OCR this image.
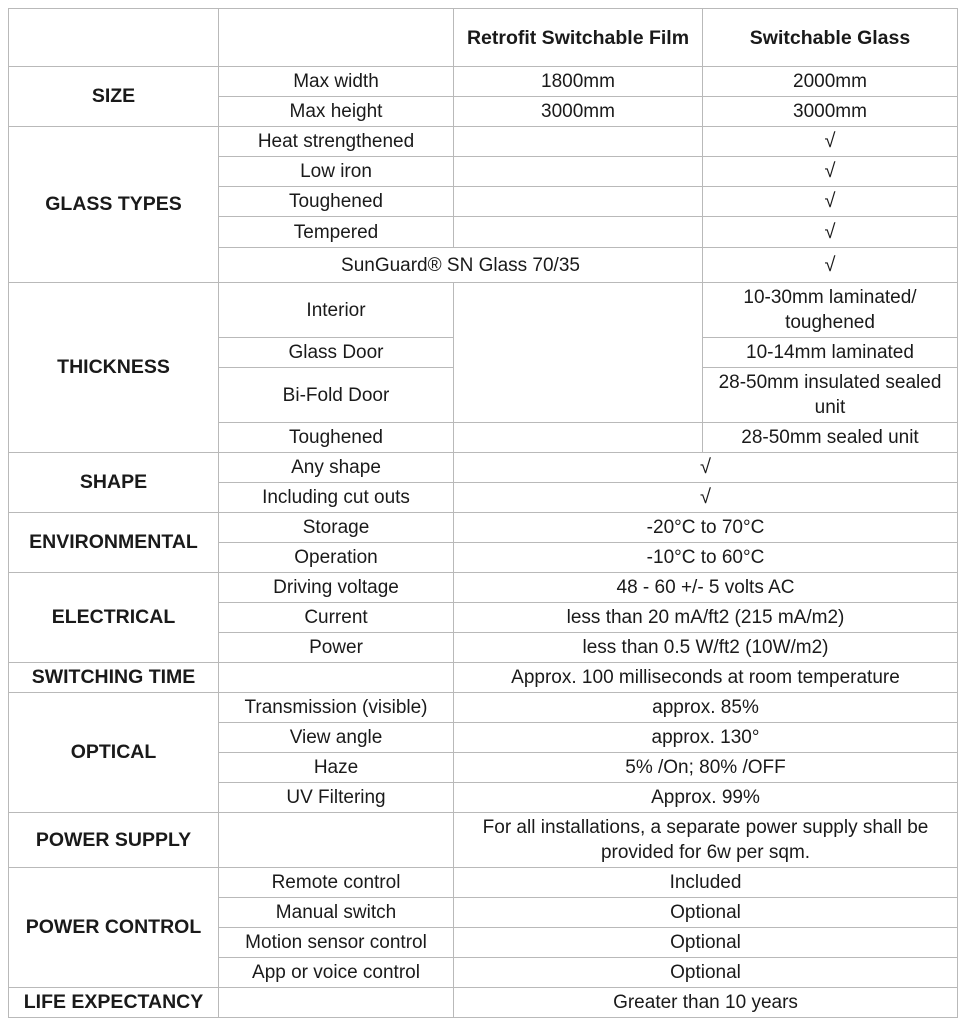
		Retrofit Switchable Film	Switchable Glass
SIZE	Max width	1800mm	2000mm
	Max height	3000mm	3000mm
GLASS TYPES	Heat strengthened		√
	Low iron		√
	Toughened		√
	Tempered		√
	SunGuard® SN Glass 70/35		√
THICKNESS	Interior		10-30mm laminated/ toughened
	Glass Door		10-14mm laminated
	Bi-Fold Door		28-50mm insulated sealed unit
	Toughened		28-50mm sealed unit
SHAPE	Any shape	√	
	Including cut outs	√	
ENVIRONMENTAL	Storage	-20°C to 70°C	
	Operation	-10°C to 60°C	
ELECTRICAL	Driving voltage	48 - 60 +/- 5 volts AC	
	Current	less than 20 mA/ft2 (215 mA/m2)	
	Power	less than 0.5 W/ft2 (10W/m2)	
SWITCHING TIME		Approx. 100 milliseconds at room temperature	
OPTICAL	Transmission (visible)	approx. 85%	
	View angle	approx. 130°	
	Haze	5% /On; 80% /OFF	
	UV Filtering	Approx. 99%	
POWER SUPPLY		For all installations, a separate power supply shall be provided for 6w per sqm.	
POWER CONTROL	Remote control	Included	
	Manual switch	Optional	
	Motion sensor control	Optional	
	App or voice control	Optional	
LIFE EXPECTANCY		Greater than 10 years	
